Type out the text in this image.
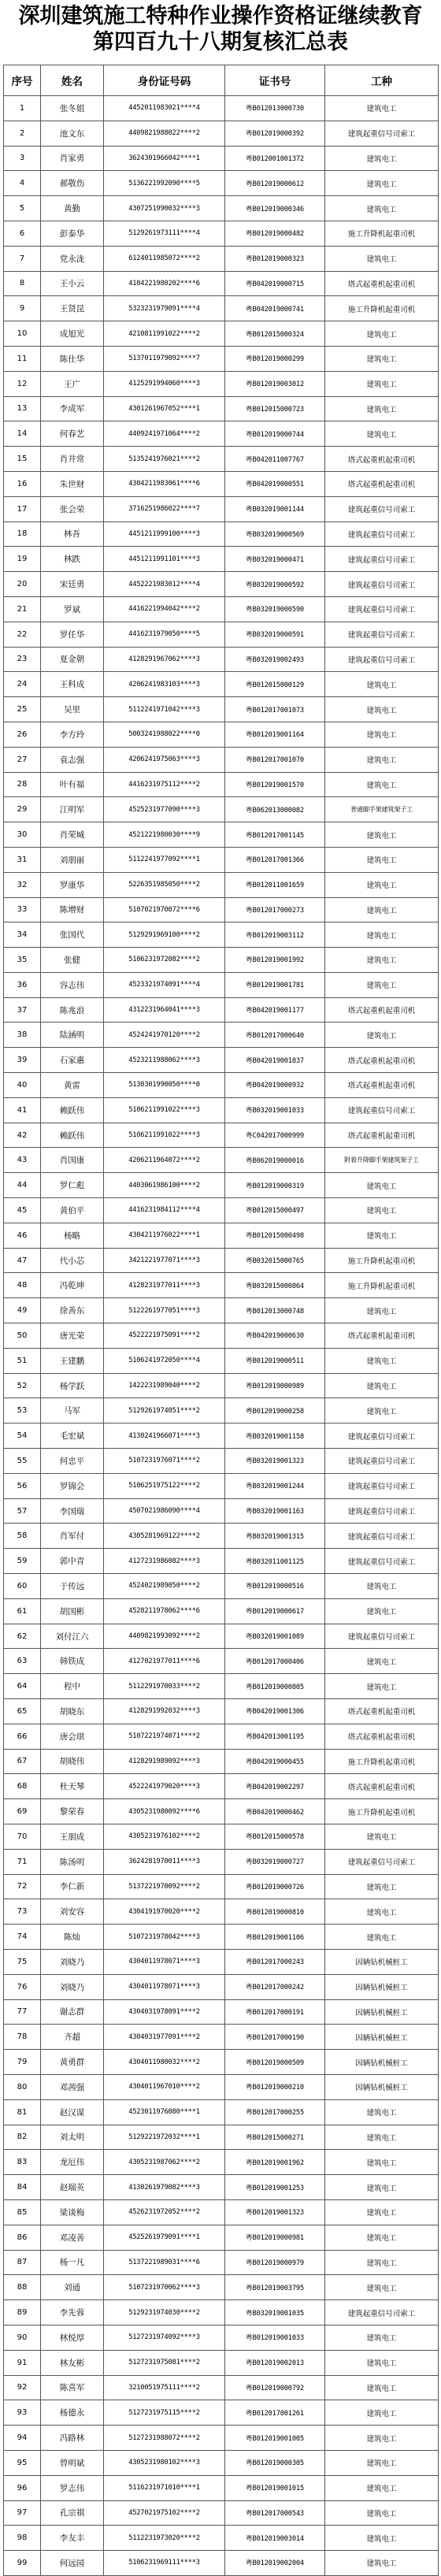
深圳建筑施工特种作业操作资格证继续教育
第四百九十八期复核汇总表
序号	姓名	身份证号码	证书号	工种
1	张冬姐	4452011983021****4	粤B012013000730	建筑电工
2	池文东	4409821988022****2	粤B012019000392	建筑起重信号司索工
3	肖家勇	3624301966042****1	粤B012001001372	建筑电工
4	郝敬伤	5136221992090****5	粤B012019000612	建筑电工
5	黄勤	4307251990032****3	粤B012019000346	建筑电工
6	彭泰华	5129261973111****4	粤B012019000482	施工升降机起重司机
7	党永泷	6124011985072****2	粤B012019000323	建筑电工
8	王小云	4104221980202****6	粤B042019000715	塔式起重机起重司机
9	王贤昆	5323231979091****4	粤B042019000741	施工升降机起重司机
10	成旭光	4210811991022****2	粤B012015000324	建筑电工
11	陈仕华	5137011979092****7	粤B012019000299	建筑电工
12	王广	4125291994060****3	粤B012019003012	建筑电工
13	李成军	4301261967052****1	粤B012015000723	建筑电工
14	何春艺	4409241971064****2	粤B012019000744	建筑电工
15	肖井常	5135241976021****2	粤B042011007767	塔式起重机起重司机
16	朱世财	4304211983061****6	粤B042019000551	塔式起重机起重司机
17	张会荣	3716251986022****7	粤B032019001144	建筑起重信号司索工
18	林吾	4451211999100****3	粤B032019000569	建筑起重信号司索工
19	林跌	4451211991101****3	粤B032019000471	建筑起重信号司索工
20	宋廷勇	4452221983012****4	粤B032019000592	建筑起重信号司索工
21	罗斌	4416221994042****2	粤B032019000590	建筑起重信号司索工
22	罗任华	4416231979050****5	粤B032019000591	建筑起重信号司索工
23	夏金朝	4128291967062****3	粤B032019002493	建筑起重信号司索工
24	王科成	4206241983103****3	粤B012015000129	建筑电工
25	吴里	5112241971042****3	粤B012017001073	建筑电工
26	李方玲	5003241988022****0	粤B012019001164	建筑电工
27	袁志强	4206241975063****3	粤B012017001070	建筑电工
28	叶有福	4416231975112****2	粤B012019001570	建筑电工
29	江明军	4525231977090****3	粤B062013000082	普通脚手架建筑架子工
30	肖荣城	4521221980030****9	粤B012017001145	建筑电工
31	刘朋丽	5112241977092****1	粤B012017001366	建筑电工
32	罗康华	5226351985050****2	粤B012011001659	建筑电工
33	陈增财	5107021970072****6	粤B012017000273	建筑电工
34	张国代	5129291969100****2	粤B012019003112	建筑电工
35	张健	5106231972082****2	粤B012019001992	建筑电工
36	容志伟	4523321974091****4	粤B012019001781	建筑电工
37	陈兆浪	4312231964041****3	粤B042019001177	塔式起重机起重司机
38	陆涵明	4524241970120****2	粤B012017000640	建筑电工
39	石家惠	4523211988062****3	粤B042019001837	塔式起重机起重司机
40	黄雷	5130301990050****0	粤B042019000932	塔式起重机起重司机
41	赖跃伟	5106211991022****3	粤B032019001033	建筑起重信号司索工
42	赖跃伟	5106211991022****3	粤C042017000999	塔式起重机起重司机
43	肖国康	4206211964072****2	粤B062019000016	附着升降脚手架建筑架子工
44	罗仁彪	4403061986100****2	粤B012019000319	建筑电工
45	黄伯平	4416231984112****4	粤B012015000497	建筑电工
46	杨略	4304211976022****1	粤B012015000498	建筑电工
47	代小芯	3421221977071****3	粤B032015000765	施工升降机起重司机
48	冯乾坤	4128231977011****3	粤B032015000864	施工升降机起重司机
49	徐善东	5122261977051****3	粤B012013000748	建筑电工
50	唐光荣	4522221975091****2	粤B042019000630	塔式起重机起重司机
51	王建鹏	5106241972050****4	粤B012019000511	建筑电工
52	杨学跃	1422231989040****2	粤B012019000989	建筑电工
53	马军	5129261974051****2	粤B012019000258	建筑电工
54	毛宏斌	4130241966071****3	粤B032019001158	建筑起重信号司索工
55	何忠平	5107231976071****2	粤B032019001323	建筑起重信号司索工
56	罗锦会	5106251975122****2	粤B032019001244	建筑起重信号司索工
57	李国瑞	4507021986090****4	粤B032019001163	建筑起重信号司索工
58	肖军付	4305281969122****2	粤B032019001315	建筑起重信号司索工
59	郭中青	4127231986082****3	粤B032011001125	建筑起重信号司索工
60	于传远	4524021989050****2	粤B012019000516	建筑电工
61	胡国彬	4528211978062****6	粤B012019000617	建筑电工
62	刘付江六	4409821993092****2	粤B032019001089	建筑起重信号司索工
63	韩铁成	4127021977011****6	粤B012017000406	建筑电工
64	程中	5112291970033****2	粤B012019000805	建筑电工
65	胡晓东	4128291992032****3	粤B042019001306	塔式起重机起重司机
66	唐会琪	5107221974071****2	粤B042013001195	塔式起重机起重司机
67	胡晓伟	4128291989092****3	粤B042019000455	施工升降机起重司机
68	杜天琴	4522241979020****3	粤B042019002297	塔式起重机起重司机
69	黎荣春	4305231980092****6	粤B042019000462	施工升降机起重司机
70	王朋成	4305231976102****2	粤B012015000578	建筑电工
71	陈汤明	3624281970011****3	粤B032019000727	建筑起重信号司索工
72	李仁新	5137221970092****2	粤B012019000726	建筑电工
73	刘安容	4304191970020****2	粤B012019000810	建筑电工
74	陈灿	5107231978042****3	粤B012019001106	建筑电工
75	刘晓乃	4304011978071****3	粤B012017000243	因辆钻机械桩工
76	刘晓乃	4304011978071****3	粤B012017000242	因辆钻机械桩工
77	谢志群	4304031978091****2	粤B012017000191	因辆钻机械桩工
78	齐超	4304031977091****2	粤B012017000190	因辆钻机械桩工
79	黄勇群	4304011980032****2	粤B012019000509	因辆钻机械桩工
80	邓茜强	4304011967010****2	粤B012019000210	因辆钻机械桩工
81	赵汉谋	4523011976080****1	粤B012017000255	建筑电工
82	刘太明	5129221972032****1	粤B012015000271	建筑电工
83	龙厄伟	4305231987062****2	粤B012019001962	建筑电工
84	赵瑞英	4130261979082****3	粤B012019001253	建筑电工
85	梁谈梅	4526231972052****2	粤B012019001323	建筑电工
86	邓凌善	4525261979091****1	粤B012019000981	建筑电工
87	杨一凡	5137221989031****6	粤B012019000979	建筑电工
88	刘通	5107231970062****3	粤B012019003795	建筑电工
89	李先蓉	5129231974030****2	粤B032019001035	建筑起重信号司索工
90	林悦厚	5127231974092****3	粤B012019001033	建筑电工
91	林友彬	5127231975081****2	粤B012019002013	建筑电工
92	陈喜军	3210051975111****2	粤B012019000792	建筑电工
93	杨德永	5127231975115****2	粤B012017001261	建筑电工
94	冯路林	5127231988072****2	粤B012019001005	建筑电工
95	曾明斌	4305231980102****3	粤B012019000305	建筑电工
96	罗志伟	5116231971010****1	粤B012019001015	建筑电工
97	孔宗祺	4527021975102****2	粤B012017000543	建筑电工
98	李友丰	5112231973020****2	粤B012019003014	建筑电工
99	何远园	5106231969111****3	粤B012019002004	建筑电工
